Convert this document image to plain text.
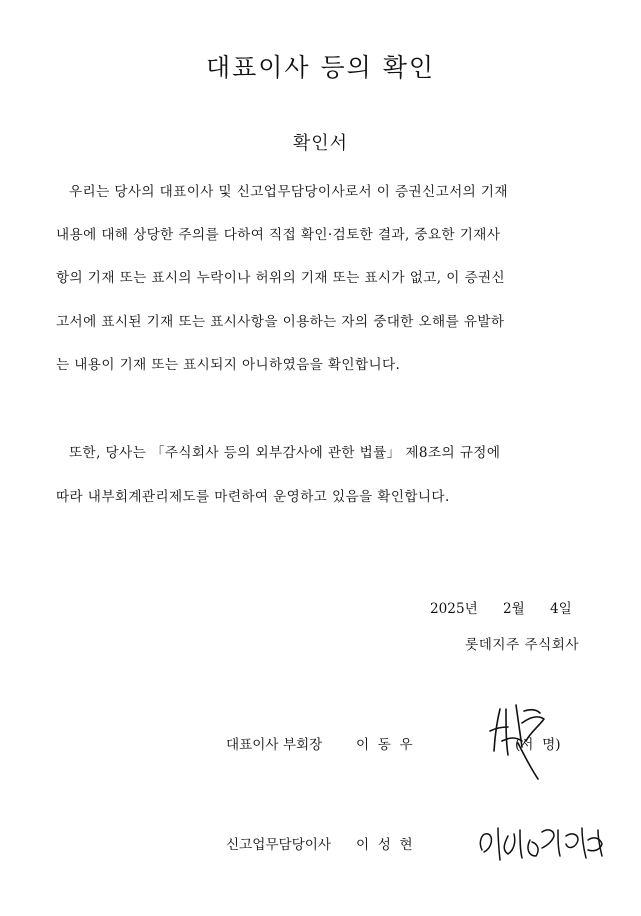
대표이사 등의 확인
확인서
우리는 당사의 대표이사 및 신고업무담당이사로서 이 증권신고서의 기재
내용에 대해 상당한 주의를 다하여 직접 확인·검토한 결과, 중요한 기재사
항의 기재 또는 표시의 누락이나 허위의 기재 또는 표시가 없고, 이 증권신
고서에 표시된 기재 또는 표시사항을 이용하는 자의 중대한 오해를 유발하
는 내용이 기재 또는 표시되지 아니하였음을 확인합니다.
또한, 당사는 「주식회사 등의 외부감사에 관한 법률」 제8조의 규정에
따라 내부회계관리제도를 마련하여 운영하고 있음을 확인합니다.
2025년 2월 4일
롯데지주 주식회사
대표이사 부회장 이  동  우	(서  명)
신고업무담당이사 이  성  현
